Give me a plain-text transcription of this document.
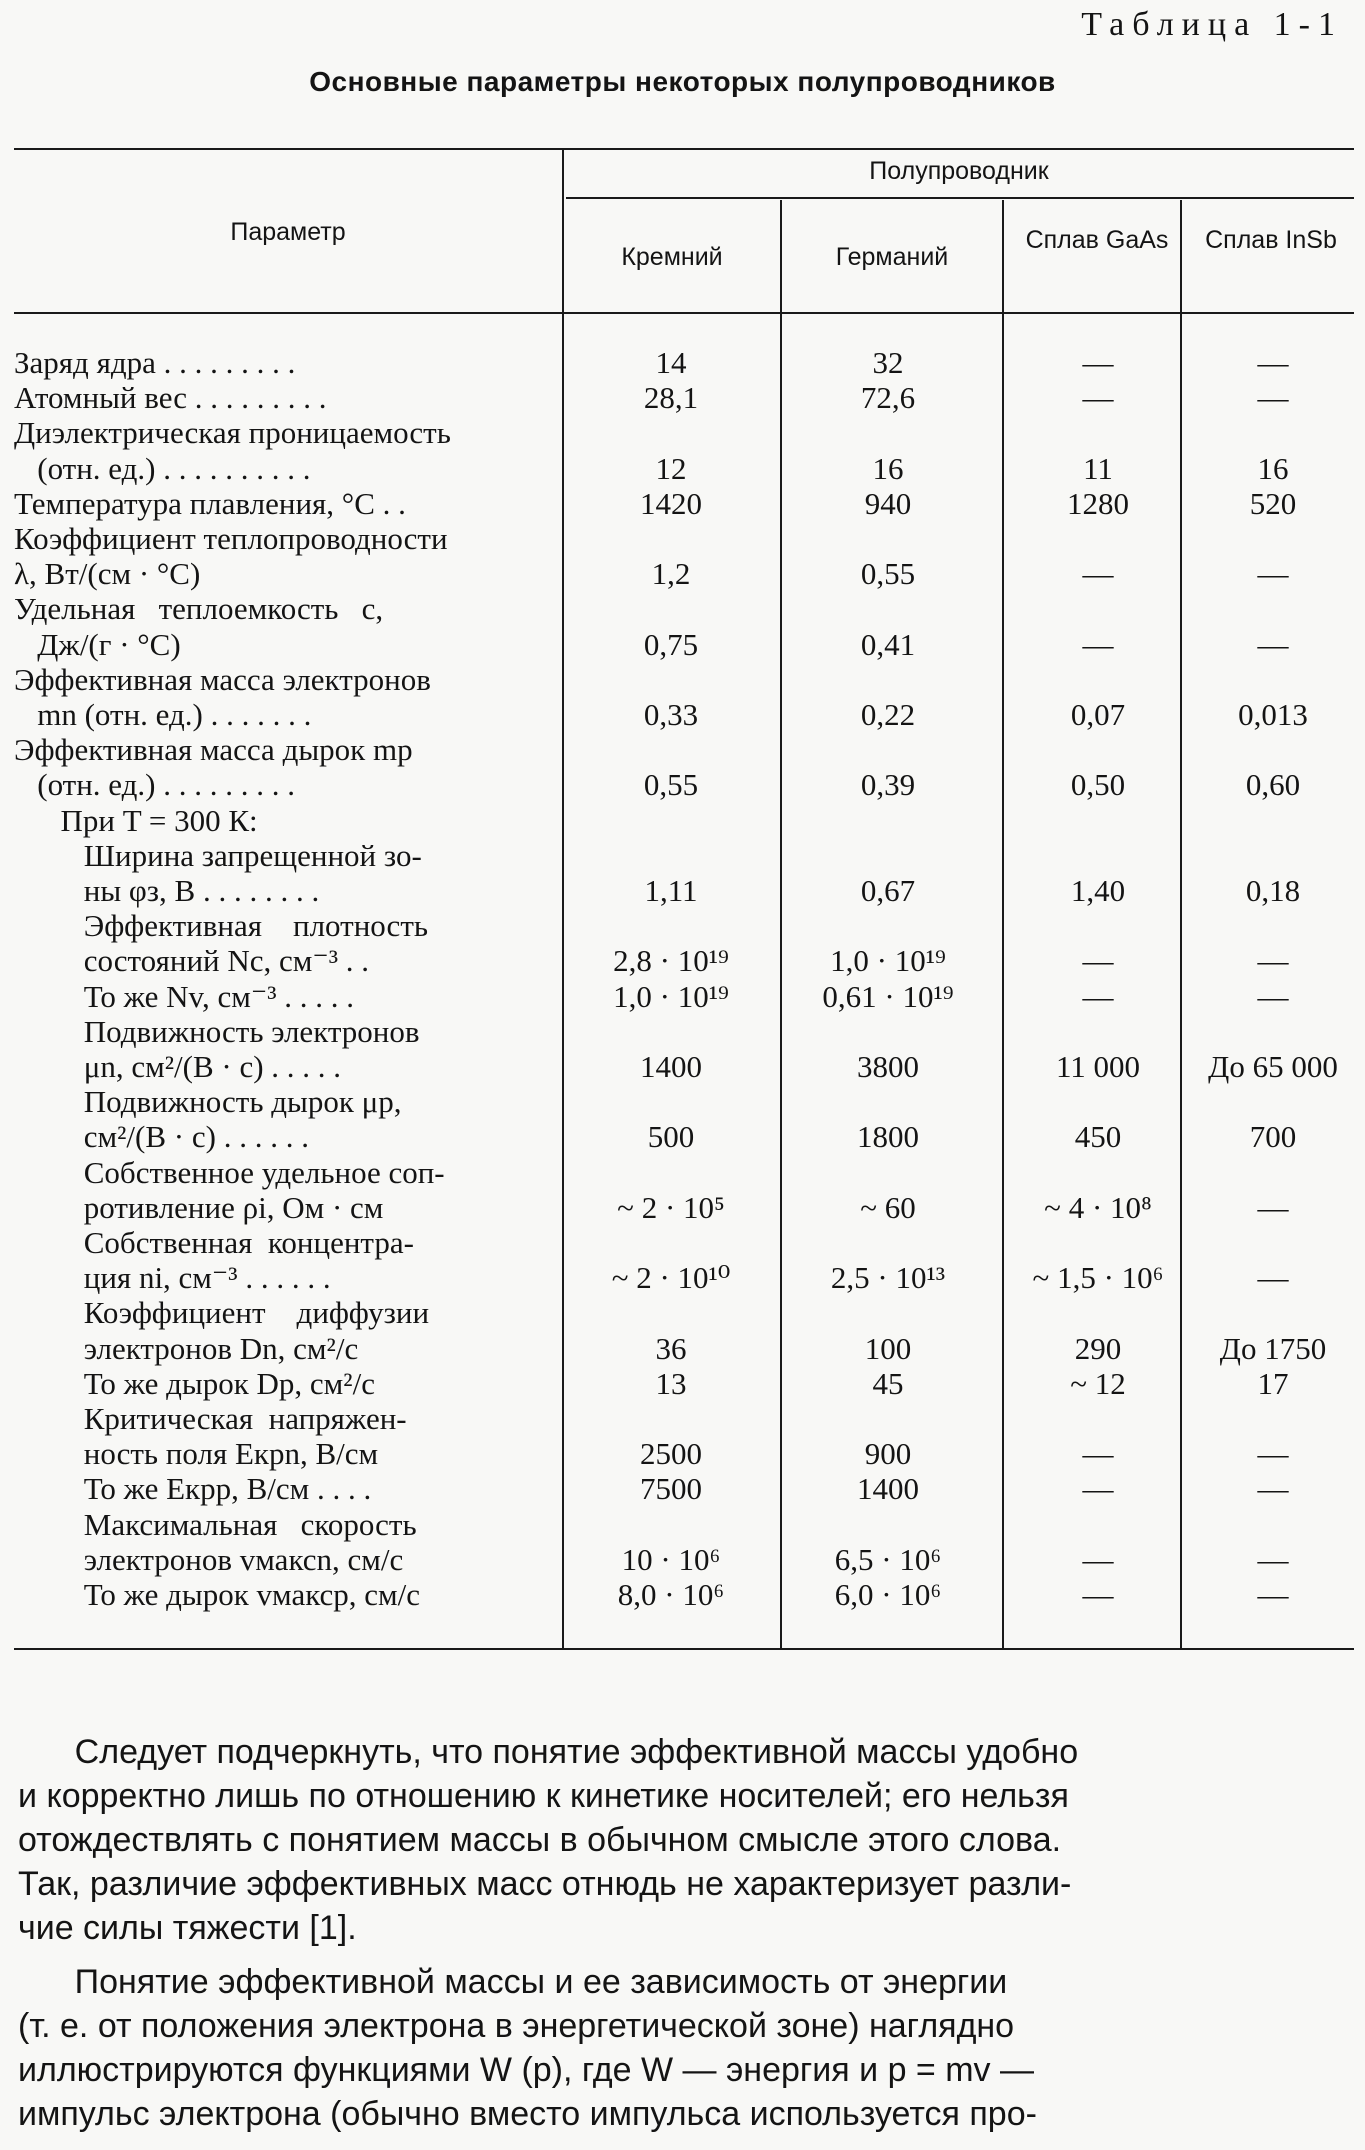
Таблица 1-1
Основные параметры некоторых полупроводников
Параметр
Полупроводник
Кремний	Германий
Сплав GaAs	Сплав InSb
Заряд ядра . . . . . . . . .	14	32	—	—
Атомный вес . . . . . . . . .	28,1	72,6	—	—
Диэлектрическая проницаемость
(отн. ед.) . . . . . . . . . .	12	16	11	16
Температура плавления, °С . .	1420	940	1280	520
Коэффициент теплопроводности
λ, Вт/(см · °С)	1,2	0,55	—	—
Удельная   теплоемкость   с,
Дж/(г · °С)	0,75	0,41	—	—
Эффективная масса электронов
mn (отн. ед.) . . . . . . .	0,33	0,22	0,07	0,013
Эффективная масса дырок mp
(отн. ед.) . . . . . . . . .	0,55	0,39	0,50	0,60
При T = 300 К:
Ширина запрещенной зо-
ны φз, В . . . . . . . .	1,11	0,67	1,40	0,18
Эффективная    плотность
состояний Nc, см⁻³ . .	2,8 · 10¹⁹	1,0 · 10¹⁹	—	—
То же Nv, см⁻³ . . . . .	1,0 · 10¹⁹	0,61 · 10¹⁹	—	—
Подвижность электронов
μn, см²/(В · с) . . . . .	1400	3800	11 000	До 65 000
Подвижность дырок μp,
см²/(В · с) . . . . . .	500	1800	450	700
Собственное удельное соп-
ротивление ρi, Ом · см	~ 2 · 10⁵	~ 60	~ 4 · 10⁸	—
Собственная  концентра-
ция ni, см⁻³ . . . . . .	~ 2 · 10¹⁰	2,5 · 10¹³	~ 1,5 · 10⁶	—
Коэффициент    диффузии
электронов Dn, см²/с	36	100	290	До 1750
То же дырок Dp, см²/с	13	45	~ 12	17
Критическая  напряжен-
ность поля Eкрn, В/см	2500	900	—	—
То же Eкрp, В/см . . . .	7500	1400	—	—
Максимальная   скорость
электронов vмаксn, см/с	10 · 10⁶	6,5 · 10⁶	—	—
То же дырок vмаксp, см/с	8,0 · 10⁶	6,0 · 10⁶	—	—
Следует подчеркнуть, что понятие эффективной массы удобно
и корректно лишь по отношению к кинетике носителей; его нельзя
отождествлять с понятием массы в обычном смысле этого слова.
Так, различие эффективных масс отнюдь не характеризует разли-
чие силы тяжести [1].
Понятие эффективной массы и ее зависимость от энергии
(т. е. от положения электрона в энергетической зоне) наглядно
иллюстрируются функциями W (p), где W — энергия и p = mv —
импульс электрона (обычно вместо импульса используется про-
